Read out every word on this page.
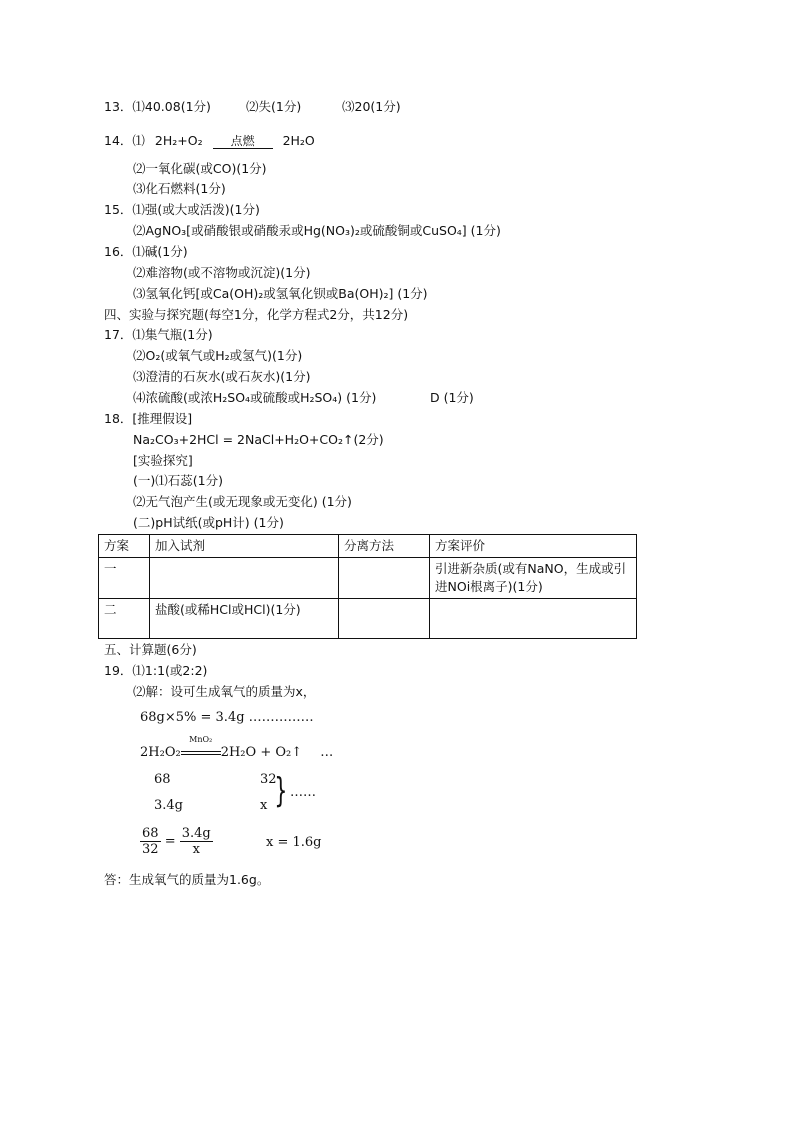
13．⑴40.08(1分)	⑵失(1分)	⑶20(1分)
14．⑴ 2H₂+O₂	点燃	2H₂O
⑵一氧化碳(或CO)(1分)
⑶化石燃料(1分)
15．⑴强(或大或活泼)(1分)
⑵AgNO₃[或硝酸银或硝酸汞或Hg(NO₃)₂或硫酸铜或CuSO₄] (1分)
16．⑴碱(1分)
⑵难溶物(或不溶物或沉淀)(1分)
⑶氢氧化钙[或Ca(OH)₂或氢氧化钡或Ba(OH)₂] (1分)
四、实验与探究题(每空1分，化学方程式2分，共12分)
17．⑴集气瓶(1分)
⑵O₂(或氧气或H₂或氢气)(1分)
⑶澄清的石灰水(或石灰水)(1分)
⑷浓硫酸(或浓H₂SO₄或硫酸或H₂SO₄) (1分)	D (1分)
18．[推理假设]
Na₂CO₃+2HCl = 2NaCl+H₂O+CO₂↑(2分)
[实验探究]
(一)⑴石蕊(1分)
⑵无气泡产生(或无现象或无变化) (1分)
(二)pH试纸(或pH计) (1分)
方案	加入试剂	分离方法	方案评价
一			引进新杂质(或有NaNO，生成或引进NOi根离子)(1分)
二	盐酸(或稀HCl或HCl)(1分)		
五、计算题(6分)
19．⑴1:1(或2:2)
⑵解：设可生成氧气的质量为x，
68g×5% = 3.4g ……………
2H₂O₂
MnO₂
2H₂O + O₂↑ …
68	32
3.4g	x } ……
$\frac{68}{32} = \frac{3.4g}{x}$	x = 1.6g
答：生成氧气的质量为1.6g。
